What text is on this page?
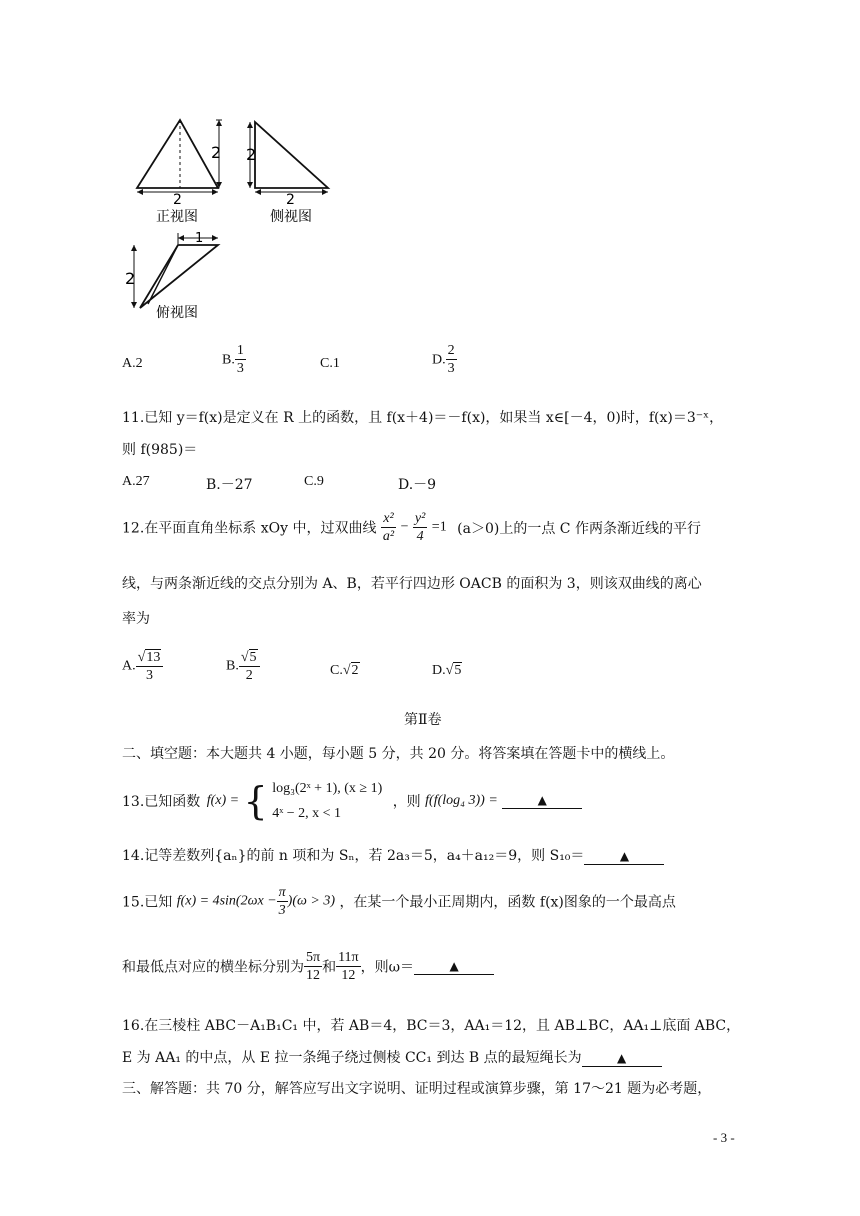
2
2
正视图
2
2
侧视图
1
2
俯视图
A.2	B. $\frac{1}{3}$	C.1	D. $\frac{2}{3}$
11.已知 y＝f(x)是定义在 R 上的函数，且 f(x＋4)＝－f(x)，如果当 x∈[－4，0)时，f(x)＝3⁻ˣ，
则 f(985)＝
A.27	B.－27	C.9	D.－9
12.在平面直角坐标系 xOy 中，过双曲线 $\frac{\text{x²}}{\text{a²}} - \frac{\text{y²}}{4} =1$ (a＞0)上的一点 C 作两条渐近线的平行
线，与两条渐近线的交点分别为 A、B，若平行四边形 OACB 的面积为 3，则该双曲线的离心
率为
A. $\frac{√13}{3}$	B. $\frac{√5}{2}$	C.√2	D.√5
第Ⅱ卷
二、填空题：本大题共 4 小题，每小题 5 分，共 20 分。将答案填在答题卡中的横线上。
13.已知函数 f(x) = { log₃(2ˣ + 1), (x ≥ 1)
4ˣ − 2, x < 1
，则 f(f(log₄ 3)) =	▲
14.记等差数列{aₙ}的前 n 项和为 Sₙ，若 2a₃＝5，a₄＋a₁₂＝9，则 S₁₀＝	▲
15.已知 $f(x) = 4\sin(2\omega x - \frac{\pi}{3} )(\omega > 3)$ ，在某一个最小正周期内，函数 f(x)图象的一个最高点
和最低点对应的横坐标分别为 $\frac{5\pi}{12}$ 和 $\frac{11\pi}{12}$ ，则ω＝	▲
16.在三棱柱 ABC－A₁B₁C₁ 中，若 AB＝4，BC＝3，AA₁＝12，且 AB⊥BC，AA₁⊥底面 ABC，
E 为 AA₁ 的中点，从 E 拉一条绳子绕过侧棱 CC₁ 到达 B 点的最短绳长为	▲
三、解答题：共 70 分，解答应写出文字说明、证明过程或演算步骤，第 17～21 题为必考题，
- 3 -
